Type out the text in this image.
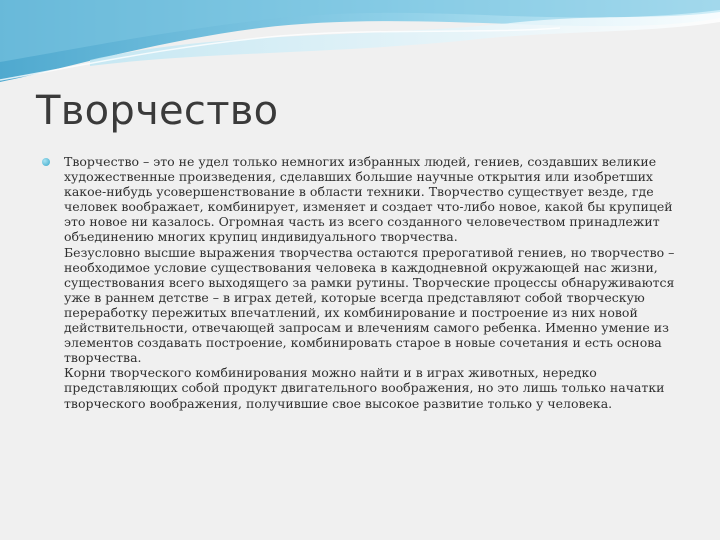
Творчество

Творчество – это не удел только немногих избранных людей, гениев, создавших великие художественные произведения, сделавших большие научные открытия или изобретших какое-нибудь усовершенствование в области техники. Творчество существует везде, где человек воображает, комбинирует, изменяет и создает что-либо новое, какой бы крупицей это новое ни казалось. Огромная часть из всего созданного человечеством принадлежит объединению многих крупиц индивидуального творчества.

Безусловно высшие выражения творчества остаются прерогативой гениев, но творчество – необходимое условие существования человека в каждодневной окружающей нас жизни, существования всего выходящего за рамки рутины. Творческие процессы обнаруживаются уже в раннем детстве – в играх детей, которые всегда представляют собой творческую переработку пережитых впечатлений, их комбинирование и построение из них новой действительности, отвечающей запросам и влечениям самого ребенка. Именно умение из элементов создавать построение, комбинировать старое в новые сочетания и есть основа творчества.

Корни творческого комбинирования можно найти и в играх животных, нередко представляющих собой продукт двигательного воображения, но это лишь только начатки творческого воображения, получившие свое высокое развитие только у человека.
